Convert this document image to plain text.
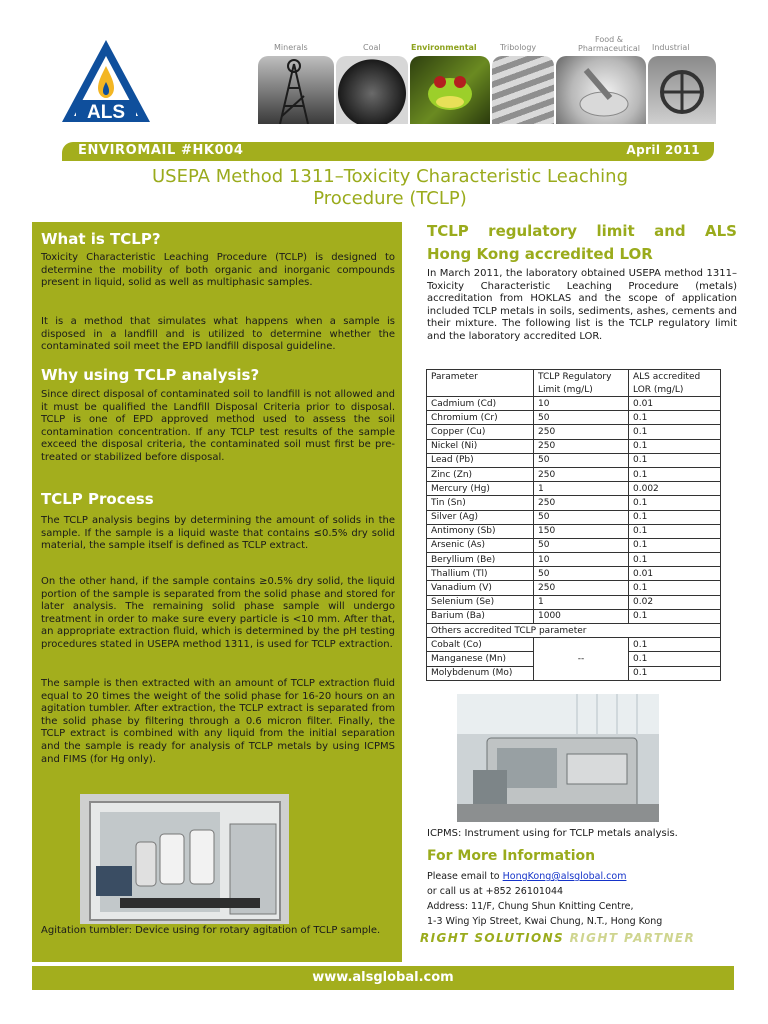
ALS
Minerals	Coal	Environmental	Tribology
Food &
Pharmaceutical	Industrial
ENVIROMAIL #HK004	April 2011
USEPA Method 1311–Toxicity Characteristic Leaching
Procedure (TCLP)
What is TCLP?
Toxicity Characteristic Leaching Procedure (TCLP) is designed to determine the mobility of both organic and inorganic compounds present in liquid, solid as well as multiphasic samples.
It is a method that simulates what happens when a sample is disposed in a landfill and is utilized to determine whether the contaminated soil meet the EPD landfill disposal guideline.
Why using TCLP analysis?
Since direct disposal of contaminated soil to landfill is not allowed and it must be qualified the Landfill Disposal Criteria prior to disposal. TCLP is one of EPD approved method used to assess the soil contamination concentration. If any TCLP test results of the sample exceed the disposal criteria, the contaminated soil must first be pre-treated or stabilized before disposal.
TCLP Process
The TCLP analysis begins by determining the amount of solids in the sample. If the sample is a liquid waste that contains ≤0.5% dry solid material, the sample itself is defined as TCLP extract.
On the other hand, if the sample contains ≥0.5% dry solid, the liquid portion of the sample is separated from the solid phase and stored for later analysis. The remaining solid phase sample will undergo treatment in order to make sure every particle is <10 mm. After that, an appropriate extraction fluid, which is determined by the pH testing procedures stated in USEPA method 1311, is used for TCLP extraction.
The sample is then extracted with an amount of TCLP extraction fluid equal to 20 times the weight of the solid phase for 16-20 hours on an agitation tumbler. After extraction, the TCLP extract is separated from the solid phase by filtering through a 0.6 micron filter. Finally, the TCLP extract is combined with any liquid from the initial separation and the sample is ready for analysis of TCLP metals by using ICPMS and FIMS (for Hg only).
Agitation tumbler: Device using for rotary agitation of TCLP sample.
TCLP regulatory limit and ALS
Hong Kong accredited LOR
In March 2011, the laboratory obtained USEPA method 1311–Toxicity Characteristic Leaching Procedure (metals) accreditation from HOKLAS and the scope of application included TCLP metals in soils, sediments, ashes, cements and their mixture. The following list is the TCLP regulatory limit and the laboratory accredited LOR.
Parameter	TCLP Regulatory Limit (mg/L)	ALS accredited LOR (mg/L)
Cadmium (Cd)	10	0.01
Chromium (Cr)	50	0.1
Copper (Cu)	250	0.1
Nickel (Ni)	250	0.1
Lead (Pb)	50	0.1
Zinc (Zn)	250	0.1
Mercury (Hg)	1	0.002
Tin (Sn)	250	0.1
Silver (Ag)	50	0.1
Antimony (Sb)	150	0.1
Arsenic (As)	50	0.1
Beryllium (Be)	10	0.1
Thallium (Tl)	50	0.01
Vanadium (V)	250	0.1
Selenium (Se)	1	0.02
Barium (Ba)	1000	0.1
Others accredited TCLP parameter		
Cobalt (Co)	--	0.1
Manganese (Mn)		0.1
Molybdenum (Mo)		0.1
ICPMS: Instrument using for TCLP metals analysis.
For More Information
Please email to HongKong@alsglobal.com
or call us at +852 26101044
Address: 11/F, Chung Shun Knitting Centre,
1-3 Wing Yip Street, Kwai Chung, N.T., Hong Kong
RIGHT SOLUTIONS RIGHT PARTNER
www.alsglobal.com
